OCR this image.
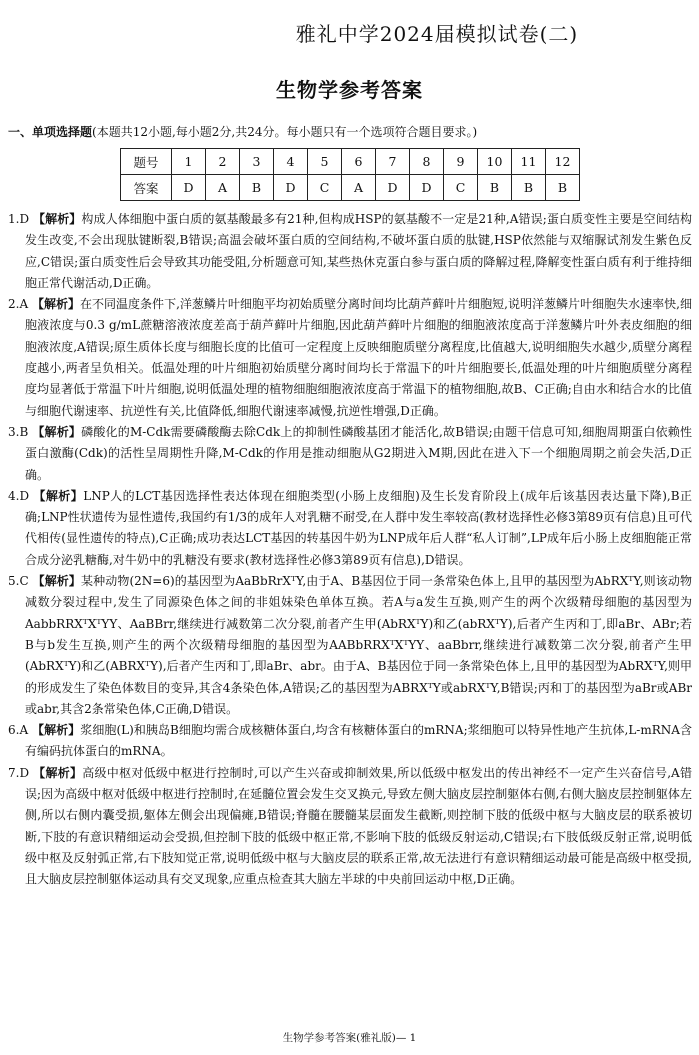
雅礼中学2024届模拟试卷(二)
生物学参考答案
一、单项选择题(本题共12小题,每小题2分,共24分。每小题只有一个选项符合题目要求。)
题号	1	2	3	4	5	6	7	8	9	10	11	12
答案	D	A	B	D	C	A	D	D	C	B	B	B

1.D 【解析】构成人体细胞中蛋白质的氨基酸最多有21种,但构成HSP的氨基酸不一定是21种,A错误;蛋白质变性主要是空间结构发生改变,不会出现肽键断裂,B错误;高温会破坏蛋白质的空间结构,不破坏蛋白质的肽键,HSP依然能与双缩脲试剂发生紫色反应,C错误;蛋白质变性后会导致其功能受阻,分析题意可知,某些热休克蛋白参与蛋白质的降解过程,降解变性蛋白质有利于维持细胞正常代谢活动,D正确。

2.A 【解析】在不同温度条件下,洋葱鳞片叶细胞平均初始质壁分离时间均比葫芦藓叶片细胞短,说明洋葱鳞片叶细胞失水速率快,细胞液浓度与0.3 g/mL蔗糖溶液浓度差高于葫芦藓叶片细胞,因此葫芦藓叶片细胞的细胞液浓度高于洋葱鳞片叶外表皮细胞的细胞液浓度,A错误;原生质体长度与细胞长度的比值可一定程度上反映细胞质壁分离程度,比值越大,说明细胞失水越少,质壁分离程度越小,两者呈负相关。低温处理的叶片细胞初始质壁分离时间均长于常温下的叶片细胞要长,低温处理的叶片细胞质壁分离程度均显著低于常温下叶片细胞,说明低温处理的植物细胞细胞液浓度高于常温下的植物细胞,故B、C正确;自由水和结合水的比值与细胞代谢速率、抗逆性有关,比值降低,细胞代谢速率减慢,抗逆性增强,D正确。

3.B 【解析】磷酸化的M-Cdk需要磷酸酶去除Cdk上的抑制性磷酸基团才能活化,故B错误;由题干信息可知,细胞周期蛋白依赖性蛋白激酶(Cdk)的活性呈周期性升降,M-Cdk的作用是推动细胞从G2期进入M期,因此在进入下一个细胞周期之前会失活,D正确。

4.D 【解析】LNP人的LCT基因选择性表达体现在细胞类型(小肠上皮细胞)及生长发育阶段上(成年后该基因表达量下降),B正确;LNP性状遗传为显性遗传,我国约有1/3的成年人对乳糖不耐受,在人群中发生率较高(教材选择性必修3第89页有信息)且可代代相传(显性遗传的特点),C正确;成功表达LCT基因的转基因牛奶为LNP成年后人群“私人订制”,LP成年后小肠上皮细胞能正常合成分泌乳糖酶,对牛奶中的乳糖没有要求(教材选择性必修3第89页有信息),D错误。

5.C 【解析】某种动物(2N=6)的基因型为AaBbRrXᵀY,由于A、B基因位于同一条常染色体上,且甲的基因型为AbRXᵀY,则该动物减数分裂过程中,发生了同源染色体之间的非姐妹染色单体互换。若A与a发生互换,则产生的两个次级精母细胞的基因型为AabbRRXᵀXᵀYY、AaBBrr,继续进行减数第二次分裂,前者产生甲(AbRXᵀY)和乙(abRXᵀY),后者产生丙和丁,即aBr、ABr;若B与b发生互换,则产生的两个次级精母细胞的基因型为AABbRRXᵀXᵀYY、aaBbrr,继续进行减数第二次分裂,前者产生甲(AbRXᵀY)和乙(ABRXᵀY),后者产生丙和丁,即aBr、abr。由于A、B基因位于同一条常染色体上,且甲的基因型为AbRXᵀY,则甲的形成发生了染色体数目的变异,其含4条染色体,A错误;乙的基因型为ABRXᵀY或abRXᵀY,B错误;丙和丁的基因型为aBr或ABr或abr,其含2条常染色体,C正确,D错误。

6.A 【解析】浆细胞(L)和胰岛B细胞均需合成核糖体蛋白,均含有核糖体蛋白的mRNA;浆细胞可以特异性地产生抗体,L-mRNA含有编码抗体蛋白的mRNA。

7.D 【解析】高级中枢对低级中枢进行控制时,可以产生兴奋或抑制效果,所以低级中枢发出的传出神经不一定产生兴奋信号,A错误;因为高级中枢对低级中枢进行控制时,在延髓位置会发生交叉换元,导致左侧大脑皮层控制躯体右侧,右侧大脑皮层控制躯体左侧,所以右侧内囊受损,躯体左侧会出现偏瘫,B错误;脊髓在腰髓某层面发生截断,则控制下肢的低级中枢与大脑皮层的联系被切断,下肢的有意识精细运动会受损,但控制下肢的低级中枢正常,不影响下肢的低级反射运动,C错误;右下肢低级反射正常,说明低级中枢及反射弧正常,右下肢知觉正常,说明低级中枢与大脑皮层的联系正常,故无法进行有意识精细运动最可能是高级中枢受损,且大脑皮层控制躯体运动具有交叉现象,应重点检查其大脑左半球的中央前回运动中枢,D正确。

生物学参考答案(雅礼版)— 1
